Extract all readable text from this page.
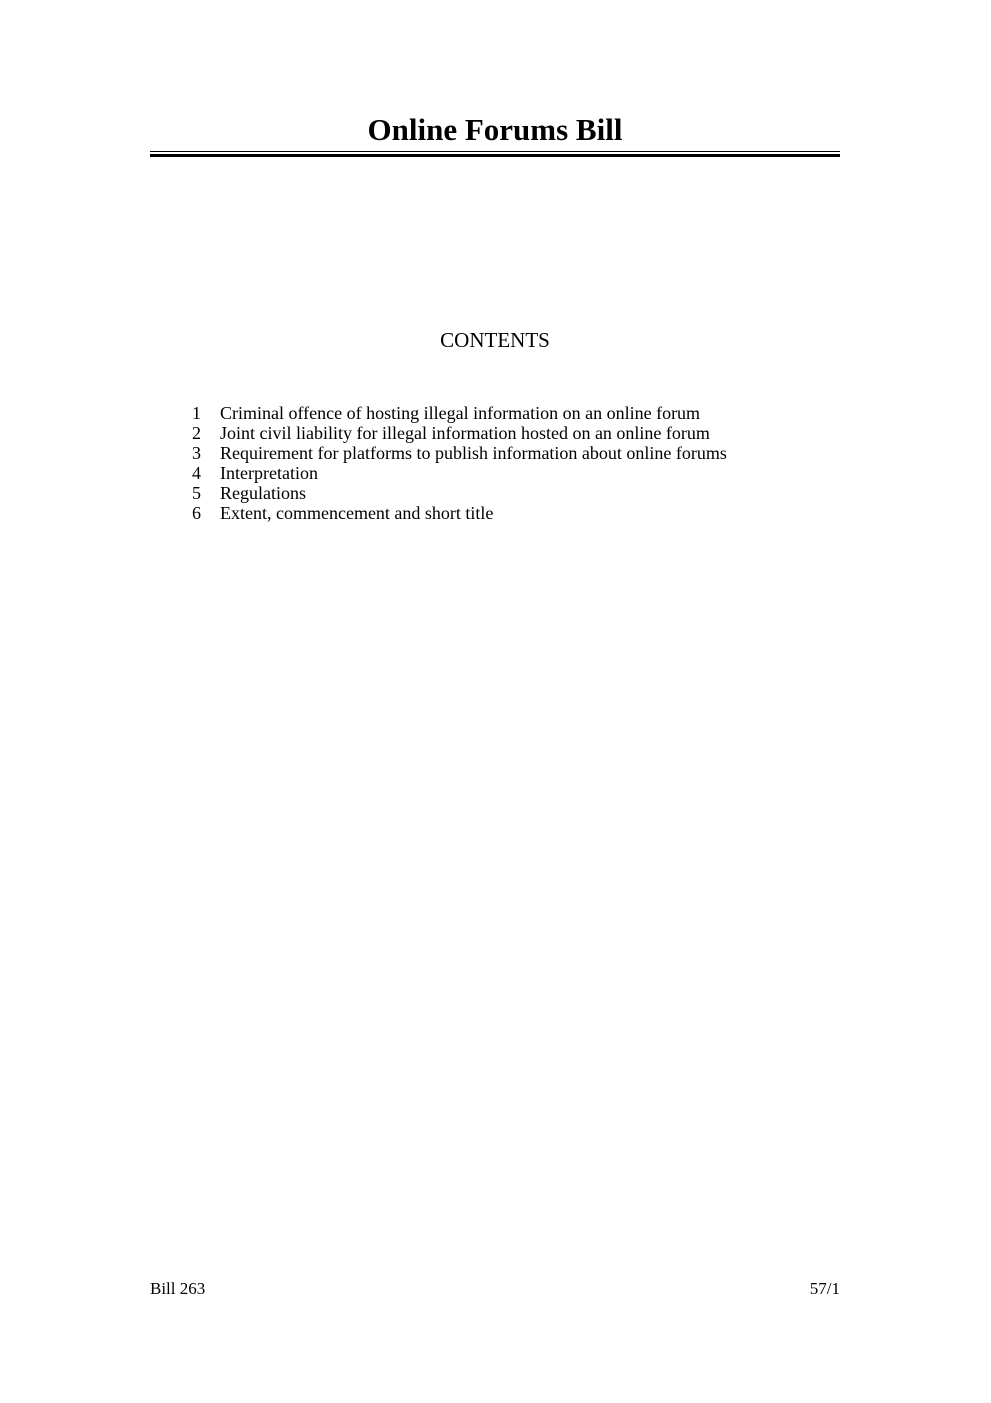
Online Forums Bill
CONTENTS
1 Criminal offence of hosting illegal information on an online forum
2 Joint civil liability for illegal information hosted on an online forum
3 Requirement for platforms to publish information about online forums
4 Interpretation
5 Regulations
6 Extent, commencement and short title
Bill 263	57/1
